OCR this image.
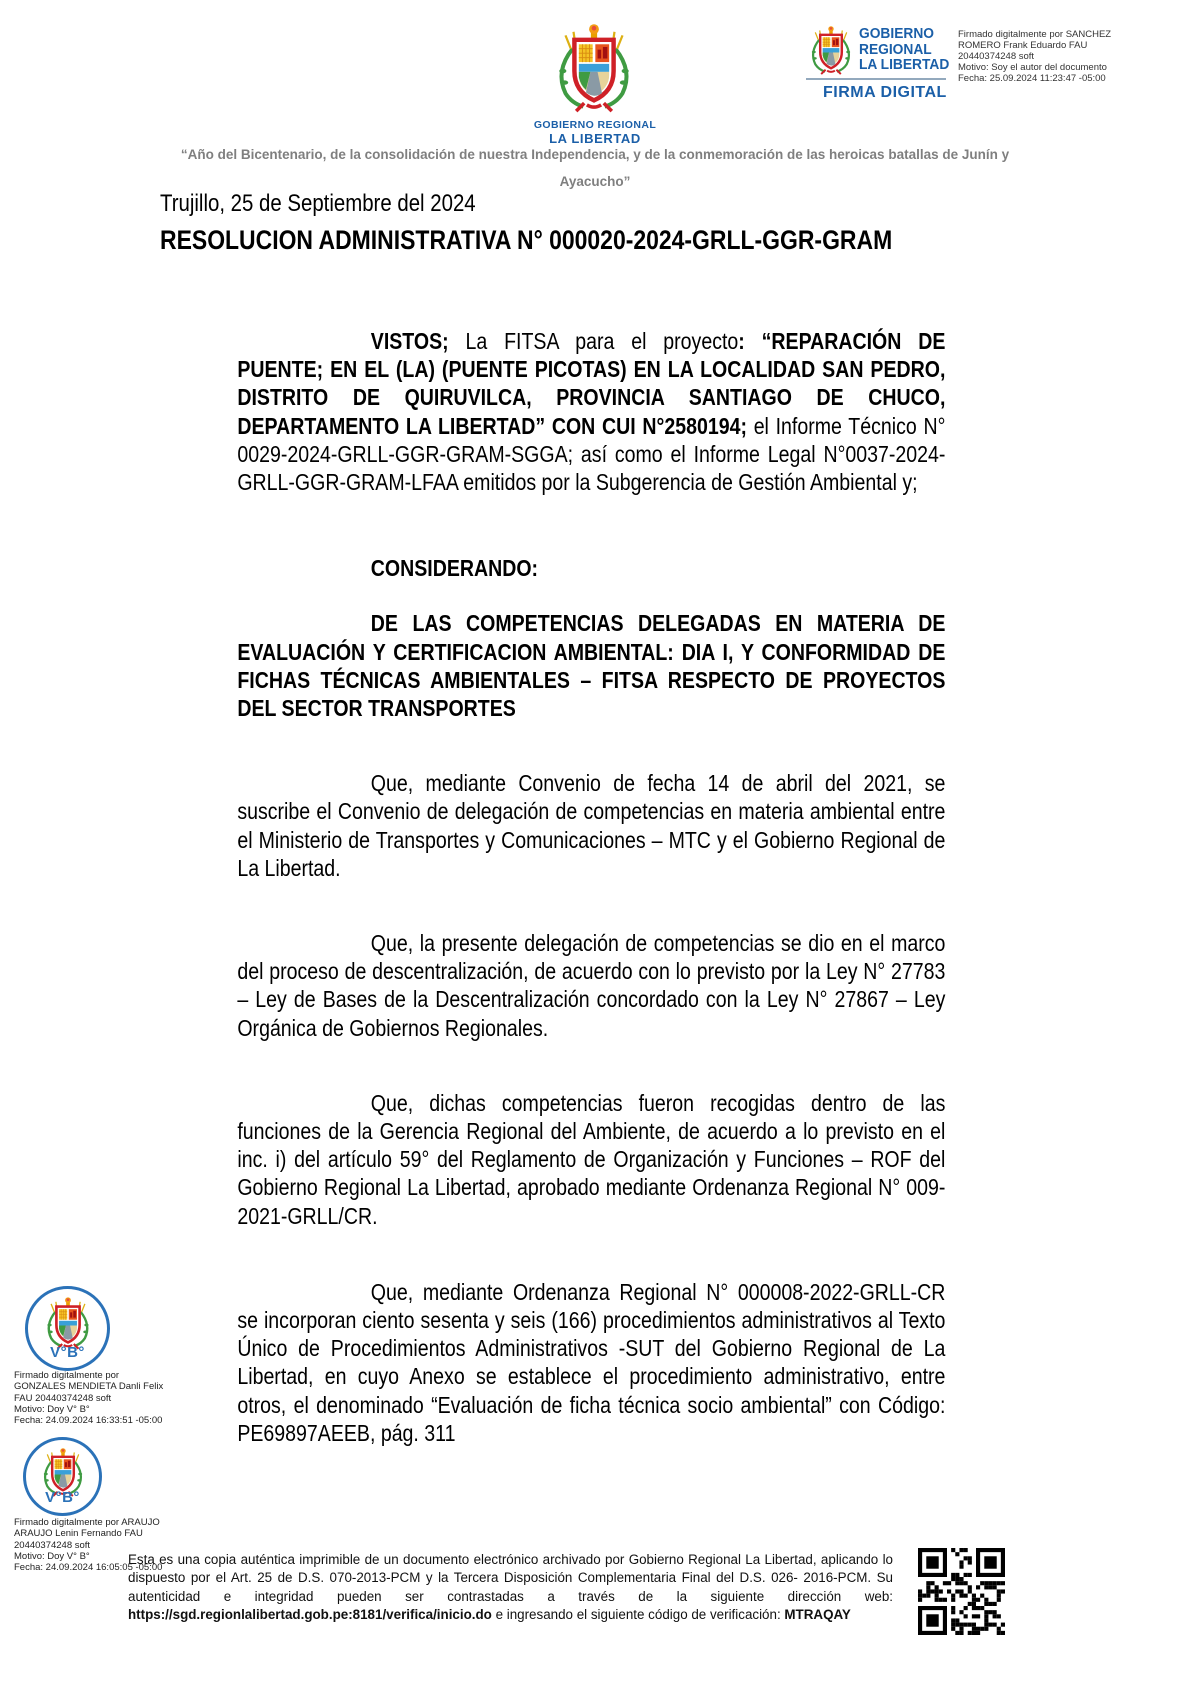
GOBIERNO REGIONAL
LA LIBERTAD
GOBIERNO
REGIONAL
LA LIBERTAD
FIRMA DIGITAL
Firmado digitalmente por SANCHEZ
ROMERO Frank Eduardo FAU
20440374248 soft
Motivo: Soy el autor del documento
Fecha: 25.09.2024 11:23:47 -05:00
“Año del Bicentenario, de la consolidación de nuestra Independencia, y de la conmemoración de las heroicas batallas de Junín y
Ayacucho”
Trujillo, 25 de Septiembre del 2024
RESOLUCION ADMINISTRATIVA N° 000020-2024-GRLL-GGR-GRAM

VISTOS; La FITSA para el proyecto: “REPARACIÓN DE PUENTE; EN EL (LA) (PUENTE PICOTAS) EN LA LOCALIDAD SAN PEDRO, DISTRITO DE QUIRUVILCA, PROVINCIA SANTIAGO DE CHUCO, DEPARTAMENTO LA LIBERTAD” CON CUI N°2580194; el Informe Técnico N° 0029-2024-GRLL-GGR-GRAM-SGGA; así como el Informe Legal N°0037-2024-GRLL-GGR-GRAM-LFAA emitidos por la Subgerencia de Gestión Ambiental y;

CONSIDERANDO:

DE LAS COMPETENCIAS DELEGADAS EN MATERIA DE EVALUACIÓN Y CERTIFICACION AMBIENTAL: DIA I, Y CONFORMIDAD DE FICHAS TÉCNICAS AMBIENTALES – FITSA RESPECTO DE PROYECTOS DEL SECTOR TRANSPORTES

Que, mediante Convenio de fecha 14 de abril del 2021, se suscribe el Convenio de delegación de competencias en materia ambiental entre el Ministerio de Transportes y Comunicaciones – MTC y el Gobierno Regional de La Libertad.

Que, la presente delegación de competencias se dio en el marco del proceso de descentralización, de acuerdo con lo previsto por la Ley N° 27783 – Ley de Bases de la Descentralización concordado con la Ley N° 27867 – Ley Orgánica de Gobiernos Regionales.

Que, dichas competencias fueron recogidas dentro de las funciones de la Gerencia Regional del Ambiente, de acuerdo a lo previsto en el inc. i) del artículo 59° del Reglamento de Organización y Funciones – ROF del Gobierno Regional La Libertad, aprobado mediante Ordenanza Regional N° 009-2021-GRLL/CR.

Que, mediante Ordenanza Regional N° 000008-2022-GRLL-CR se incorporan ciento sesenta y seis (166) procedimientos administrativos al Texto Único de Procedimientos Administrativos -SUT del Gobierno Regional de La Libertad, en cuyo Anexo se establece el procedimiento administrativo, entre otros, el denominado “Evaluación de ficha técnica socio ambiental” con Código: PE69897AEEB, pág. 311

V°B°
Firmado digitalmente por
GONZALES MENDIETA Danli Felix
FAU 20440374248 soft
Motivo: Doy V° B°
Fecha: 24.09.2024 16:33:51 -05:00
V°B°
Firmado digitalmente por ARAUJO
ARAUJO Lenin Fernando FAU
20440374248 soft
Motivo: Doy V° B°
Fecha: 24.09.2024 16:05:05 -05:00
Esta es una copia auténtica imprimible de un documento electrónico archivado por Gobierno Regional La Libertad, aplicando lo dispuesto por el Art. 25 de D.S. 070-2013-PCM y la Tercera Disposición Complementaria Final del D.S. 026- 2016-PCM. Su autenticidad e integridad pueden ser contrastadas a través de la siguiente dirección web: https://sgd.regionlalibertad.gob.pe:8181/verifica/inicio.do e ingresando el siguiente código de verificación: MTRAQAY
